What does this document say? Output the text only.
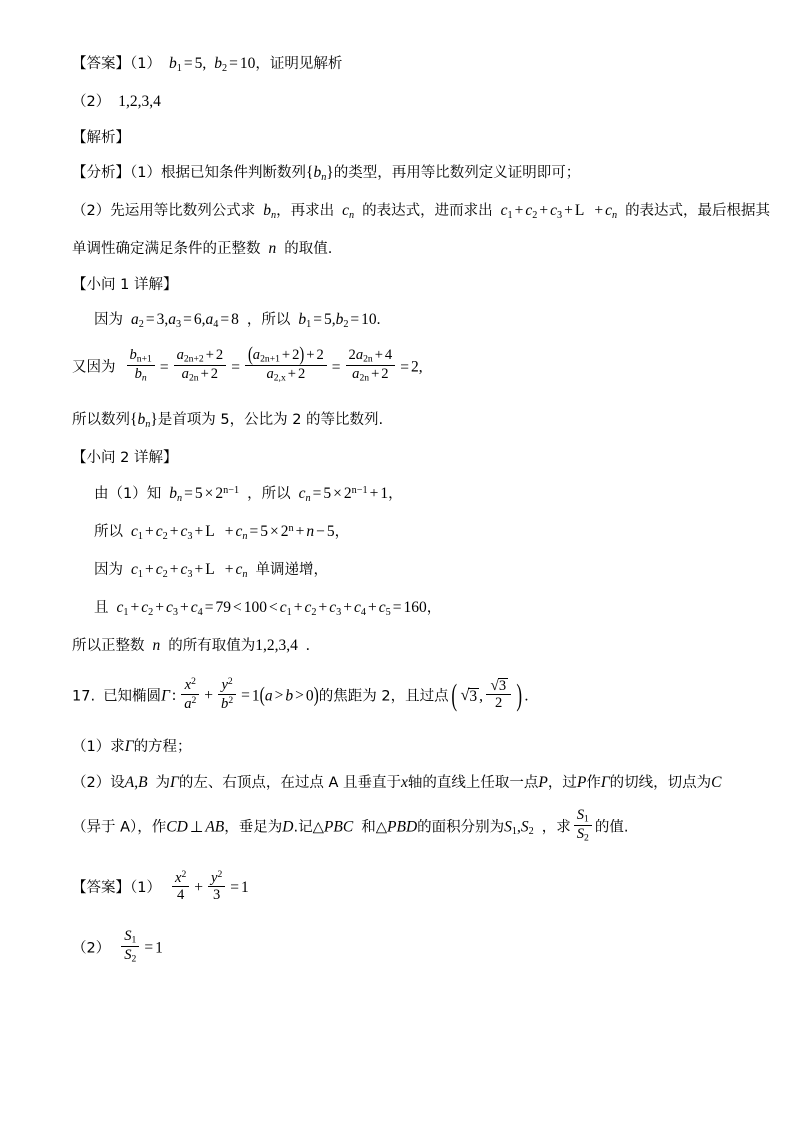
【答案】（1） $b_1 = 5$, $b_2 = 10$，证明见解析
（2） 1,2,3,4
【解析】
【分析】（1）根据已知条件判断数列$\{b_n\}$的类型，再用等比数列定义证明即可；
（2）先运用等比数列公式求 $b_n$，再求出 $c_n$ 的表达式，进而求出 $c_1 + c_2 + c_3 + L + c_n$ 的表达式，最后根据其
单调性确定满足条件的正整数 n 的取值.
【小问 1 详解】
因为 $a_2 = 3,a_3 = 6,a_4 = 8$ ，所以 $b_1 = 5,b_2 = 10$.
又因为 $\frac{b_{n+1}}{b_n} = \frac{a_{2n+2} + 2}{a_{2n} + 2} = \frac{(a_{2n+1} + 2) + 2}{a_{2,x} + 2} = \frac{2a_{2n} + 4}{a_{2n} + 2} = 2$,
所以数列$\{b_n\}$是首项为 5，公比为 2 的等比数列.
【小问 2 详解】
由（1）知 $b_n = 5 \times 2^{n-1}$ ，所以 $c_n = 5 \times 2^{n-1} + 1$，
所以 $c_1 + c_2 + c_3 + L + c_n = 5 \times 2^n + n - 5$，
因为 $c_1 + c_2 + c_3 + L + c_n$ 单调递增，
且 $c_1 + c_2 + c_3 + c_4 = 79 < 100 < c_1 + c_2 + c_3 + c_4 + c_5 = 160$，
所以正整数 n 的所有取值为1,2,3,4 .
17. 已知椭圆Γ : $\frac{x^2}{a^2} + \frac{y^2}{b^2} = 1(a > b > 0)$的焦距为 2，且过点( √3 , $\frac{√3}{2}$ ) .
（1）求Γ的方程；
（2）设A,B 为Γ的左、右顶点，在过点 A 且垂直于x轴的直线上任取一点P，过P作Γ的切线，切点为C
（异于 A），作CD ⊥ AB，垂足为D.记△PBC 和△PBD的面积分别为$S_1,S_2$ ，求 $\frac{S_1}{S_2}$ 的值.
【答案】$(1) \frac{x^2}{4} + \frac{y^2}{3} = 1$
$(2) \frac{S_1}{S_2} = 1$
